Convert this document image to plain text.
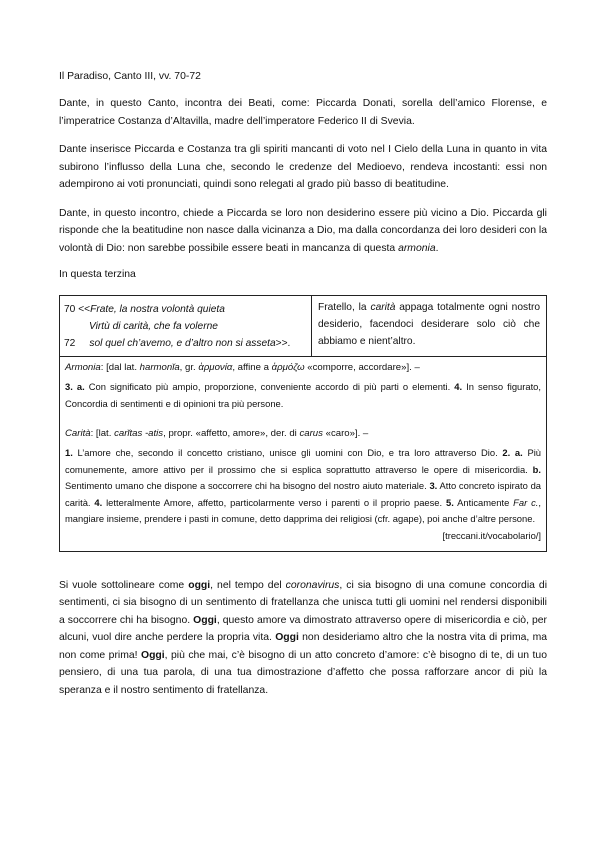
Il Paradiso, Canto III, vv. 70-72

Dante, in questo Canto, incontra dei Beati, come: Piccarda Donati, sorella dell’amico Florense, e l’imperatrice Costanza d’Altavilla, madre dell’imperatore Federico II di Svevia.

Dante inserisce Piccarda e Costanza tra gli spiriti mancanti di voto nel I Cielo della Luna in quanto in vita subirono l’influsso della Luna che, secondo le credenze del Medioevo, rendeva incostanti: essi non adempirono ai voti pronunciati, quindi sono relegati al grado più basso di beatitudine.

Dante, in questo incontro, chiede a Piccarda se loro non desiderino essere più vicino a Dio. Piccarda gli risponde che la beatitudine non nasce dalla vicinanza a Dio, ma dalla concordanza dei loro desideri con la volontà di Dio: non sarebbe possibile essere beati in mancanza di questa armonia.

In questa terzina

70 <<Frate, la nostra volontà quieta
Virtù di carità, che fa volerne
72 sol quel ch’avemo, e d’altro non si asseta>>.
	Fratello, la carità appaga totalmente ogni nostro desiderio, facendoci desiderare solo ciò che abbiamo e nient’altro.

Armonia: [dal lat. harmonĭa, gr. ἁρμονία, affine a ἁρμόζω «comporre, accordare»]. –

3. a. Con significato più ampio, proporzione, conveniente accordo di più parti o elementi. 4. In senso figurato, Concordia di sentimenti e di opinioni tra più persone.

Carità: [lat. carĭtas -atis, propr. «affetto, amore», der. di carus «caro»]. –

1. L’amore che, secondo il concetto cristiano, unisce gli uomini con Dio, e tra loro attraverso Dio. 2. a. Più comunemente, amore attivo per il prossimo che si esplica soprattutto attraverso le opere di misericordia. b. Sentimento umano che dispone a soccorrere chi ha bisogno del nostro aiuto materiale. 3. Atto concreto ispirato da carità. 4. letteralmente Amore, affetto, particolarmente verso i parenti o il proprio paese. 5. Anticamente Far c., mangiare insieme, prendere i pasti in comune, detto dapprima dei religiosi (cfr. agape), poi anche d’altre persone.

[treccani.it/vocabolario/]

Si vuole sottolineare come oggi, nel tempo del coronavirus, ci sia bisogno di una comune concordia di sentimenti, ci sia bisogno di un sentimento di fratellanza che unisca tutti gli uomini nel rendersi disponibili a soccorrere chi ha bisogno. Oggi, questo amore va dimostrato attraverso opere di misericordia e ciò, per alcuni, vuol dire anche perdere la propria vita. Oggi non desideriamo altro che la nostra vita di prima, ma non come prima! Oggi, più che mai, c’è bisogno di un atto concreto d’amore: c’è bisogno di te, di un tuo pensiero, di una tua parola, di una tua dimostrazione d’affetto che possa rafforzare ancor di più la speranza e il nostro sentimento di fratellanza.
